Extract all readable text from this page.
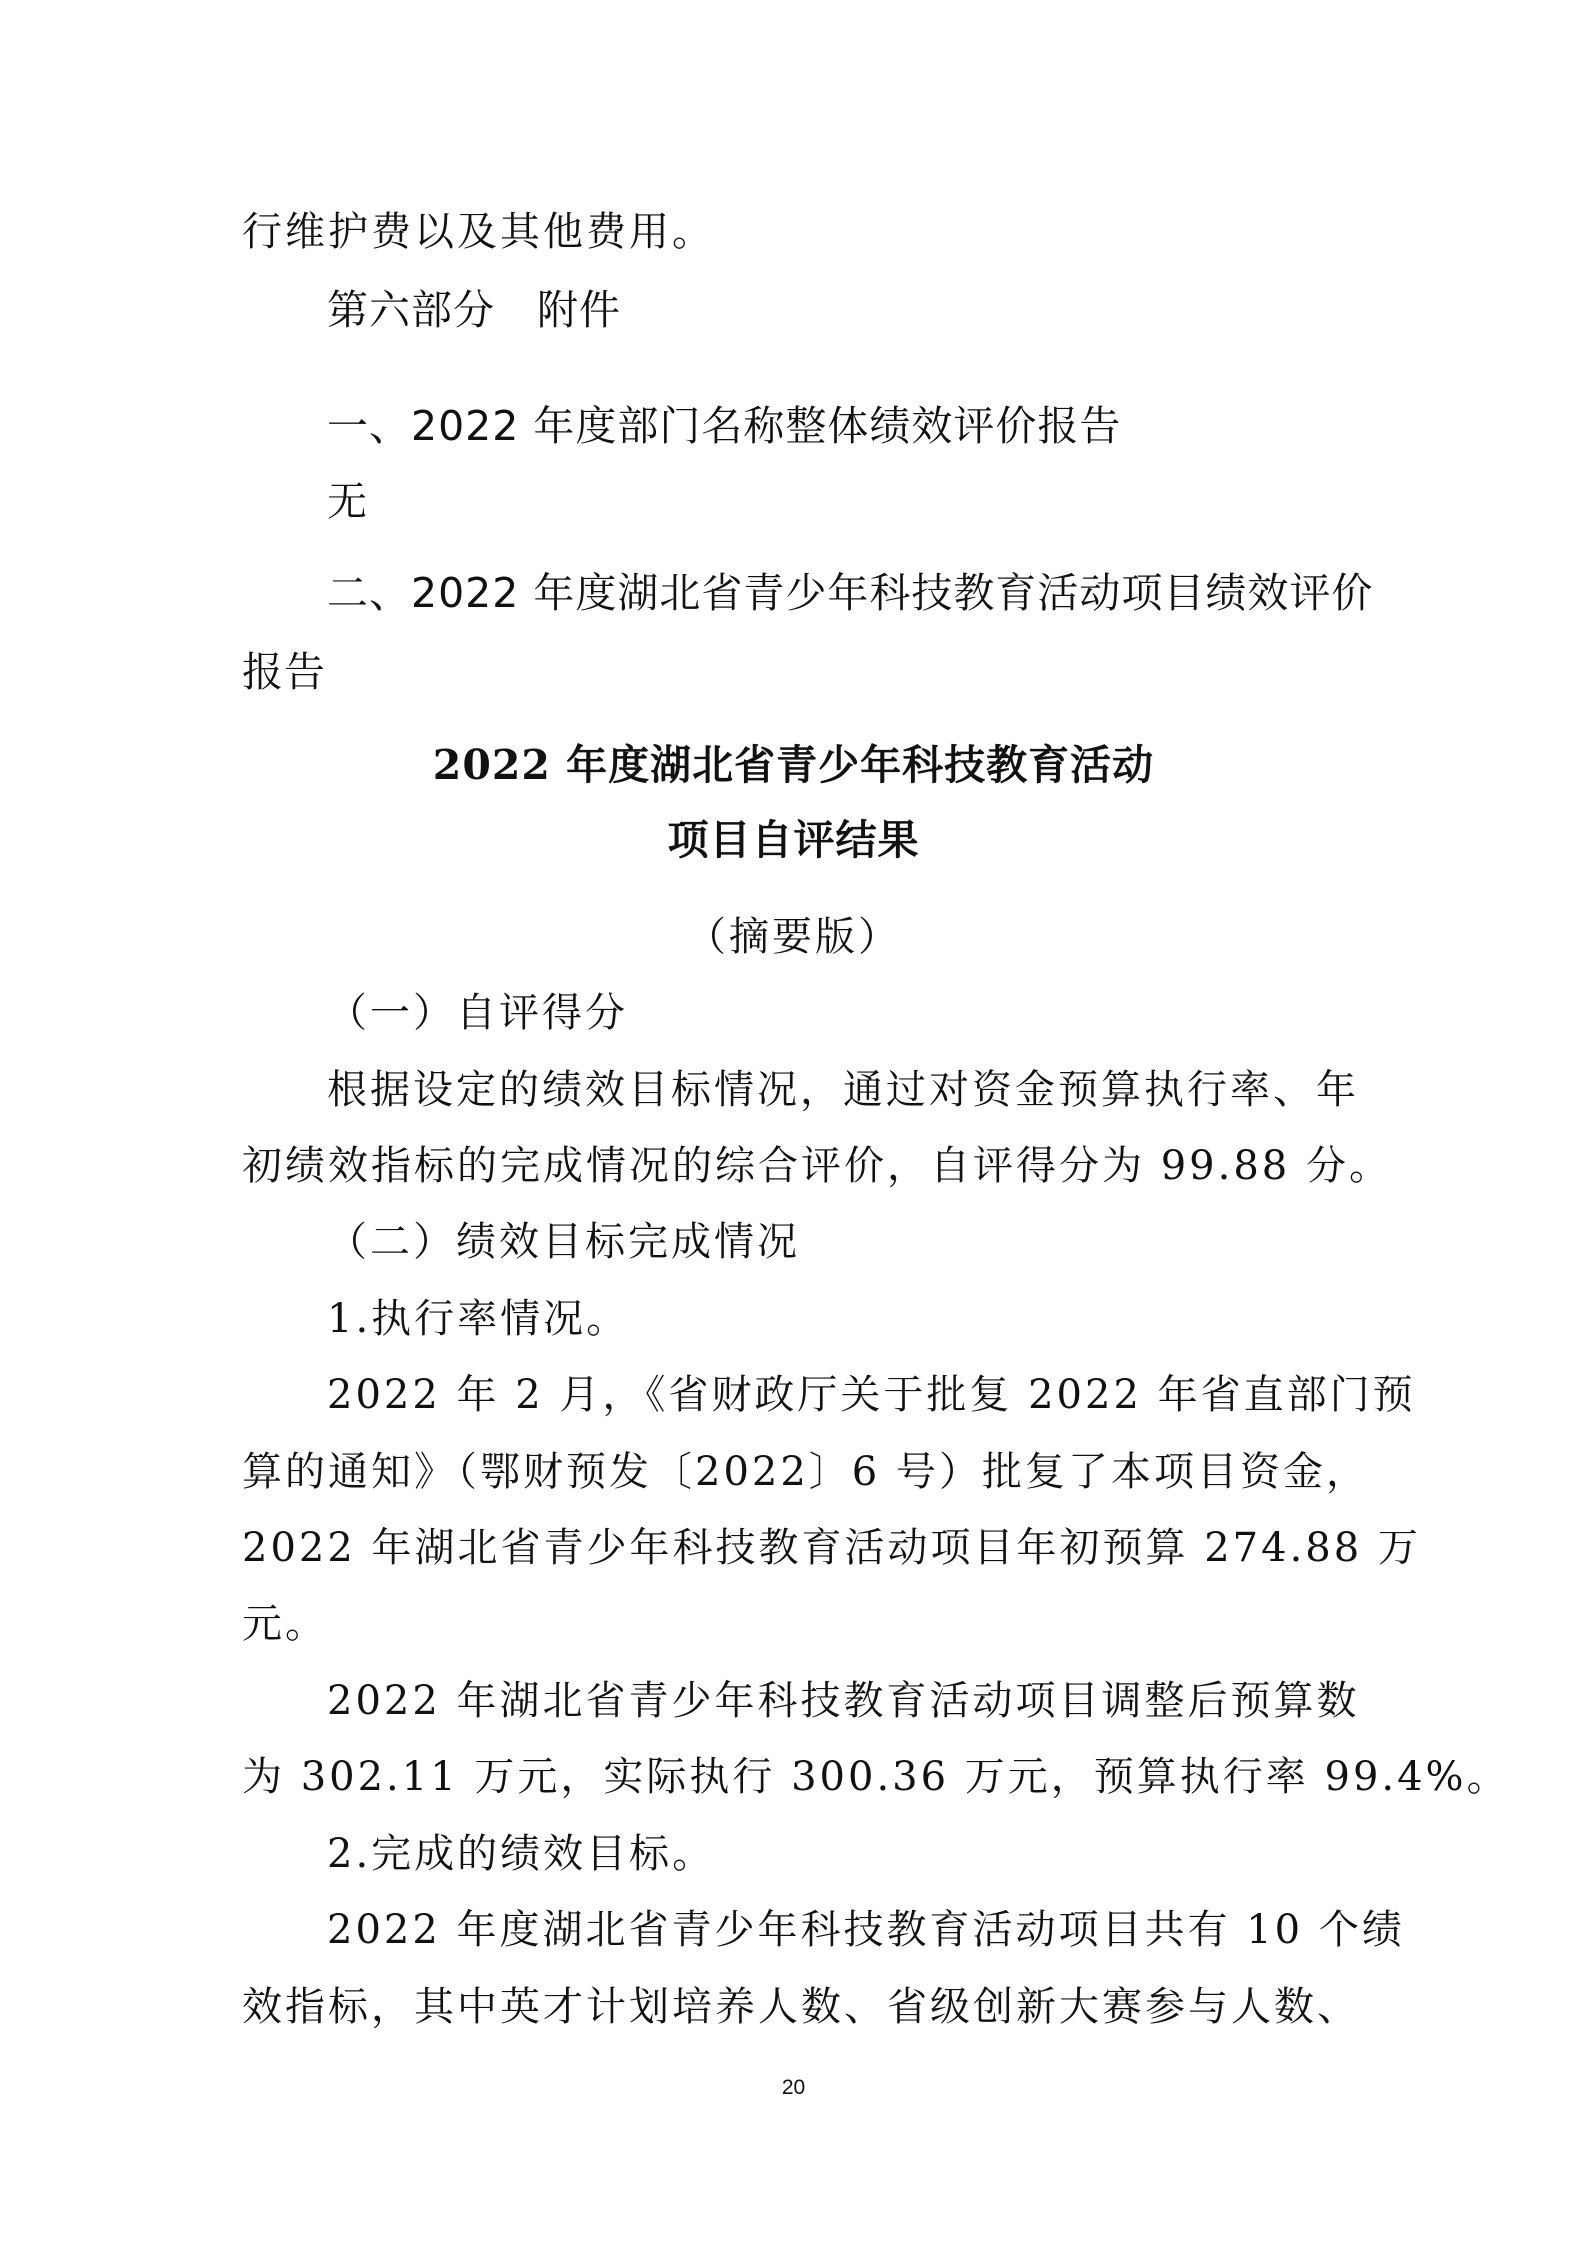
行维护费以及其他费用。
第六部分　附件
一、2022 年度部门名称整体绩效评价报告
无
二、2022 年度湖北省青少年科技教育活动项目绩效评价
报告
2022 年度湖北省青少年科技教育活动
项目自评结果
（摘要版）
（一）自评得分
根据设定的绩效目标情况，通过对资金预算执行率、年
初绩效指标的完成情况的综合评价，自评得分为 99.88 分。
（二）绩效目标完成情况
1.执行率情况。
2022 年 2 月，《省财政厅关于批复 2022 年省直部门预
算的通知》（鄂财预发〔2022〕6 号）批复了本项目资金，
2022 年湖北省青少年科技教育活动项目年初预算 274.88 万
元。
2022 年湖北省青少年科技教育活动项目调整后预算数
为 302.11 万元，实际执行 300.36 万元，预算执行率 99.4%。
2.完成的绩效目标。
2022 年度湖北省青少年科技教育活动项目共有 10 个绩
效指标，其中英才计划培养人数、省级创新大赛参与人数、
20
